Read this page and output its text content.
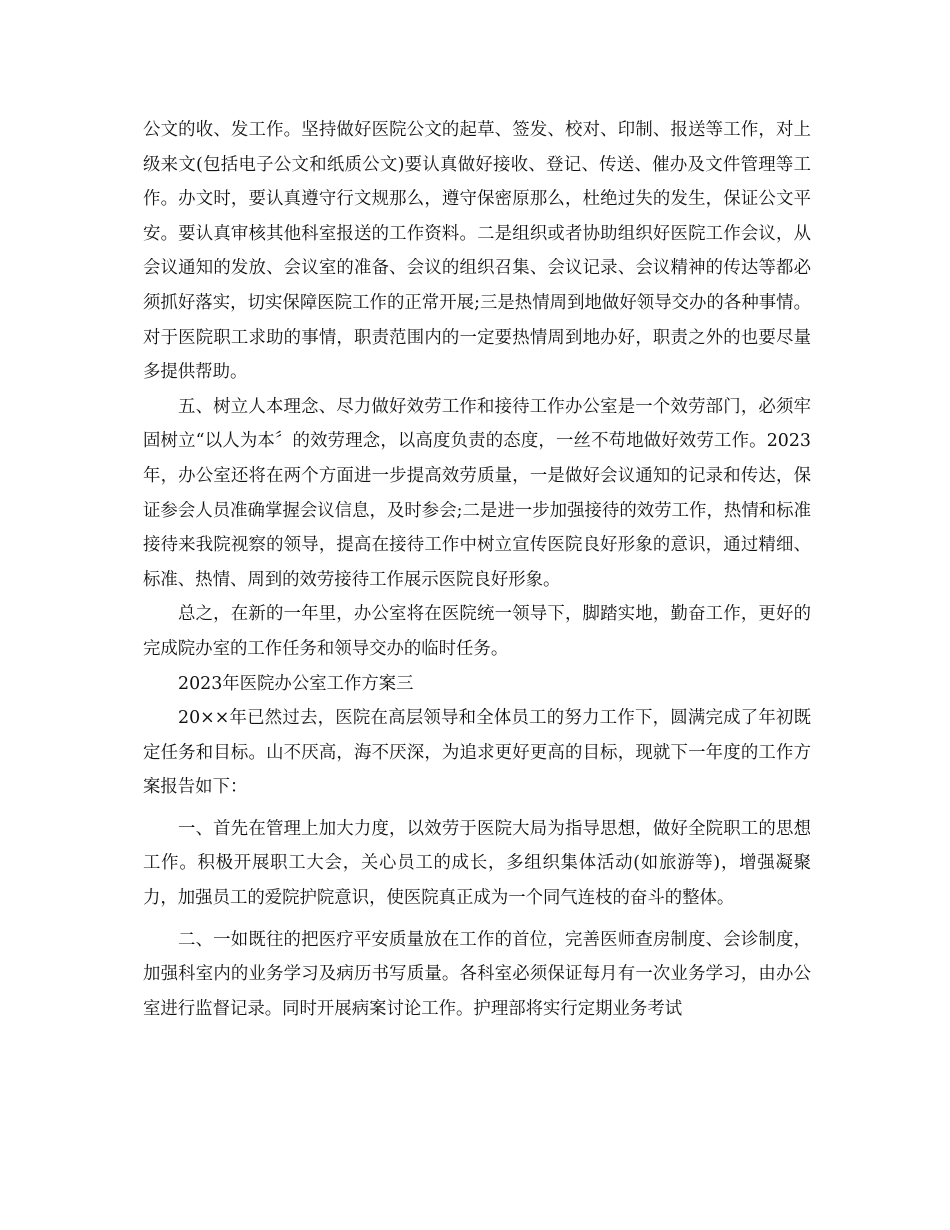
公文的收、发工作。坚持做好医院公文的起草、签发、校对、印制、报送等工作，对上级来文(包括电子公文和纸质公文)要认真做好接收、登记、传送、催办及文件管理等工作。办文时，要认真遵守行文规那么，遵守保密原那么，杜绝过失的发生，保证公文平安。要认真审核其他科室报送的工作资料。二是组织或者协助组织好医院工作会议，从会议通知的发放、会议室的准备、会议的组织召集、会议记录、会议精神的传达等都必须抓好落实，切实保障医院工作的正常开展;三是热情周到地做好领导交办的各种事情。对于医院职工求助的事情，职责范围内的一定要热情周到地办好，职责之外的也要尽量多提供帮助。

五、树立人本理念、尽力做好效劳工作和接待工作办公室是一个效劳部门，必须牢固树立“以人为本〞的效劳理念，以高度负责的态度，一丝不苟地做好效劳工作。2023年，办公室还将在两个方面进一步提高效劳质量，一是做好会议通知的记录和传达，保证参会人员准确掌握会议信息，及时参会;二是进一步加强接待的效劳工作，热情和标准接待来我院视察的领导，提高在接待工作中树立宣传医院良好形象的意识，通过精细、标准、热情、周到的效劳接待工作展示医院良好形象。

总之，在新的一年里，办公室将在医院统一领导下，脚踏实地，勤奋工作，更好的完成院办室的工作任务和领导交办的临时任务。

2023年医院办公室工作方案三

20××年已然过去，医院在高层领导和全体员工的努力工作下，圆满完成了年初既定任务和目标。山不厌高，海不厌深，为追求更好更高的目标，现就下一年度的工作方案报告如下：

一、首先在管理上加大力度，以效劳于医院大局为指导思想，做好全院职工的思想工作。积极开展职工大会，关心员工的成长，多组织集体活动(如旅游等)，增强凝聚力，加强员工的爱院护院意识，使医院真正成为一个同气连枝的奋斗的整体。

二、一如既往的把医疗平安质量放在工作的首位，完善医师查房制度、会诊制度，加强科室内的业务学习及病历书写质量。各科室必须保证每月有一次业务学习，由办公室进行监督记录。同时开展病案讨论工作。护理部将实行定期业务考试
